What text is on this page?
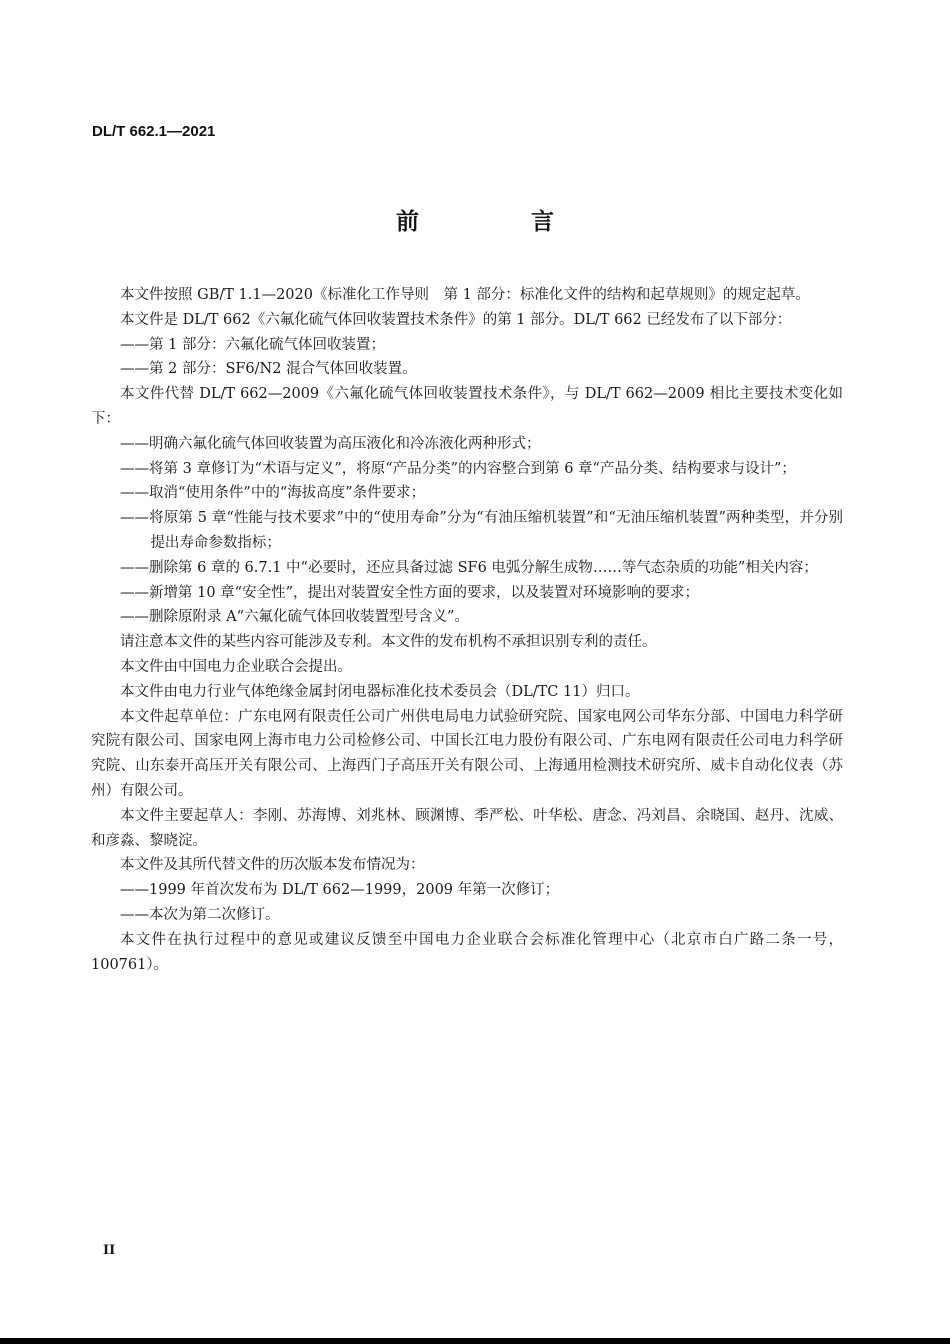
DL/T 662.1—2021
前 言

本文件按照 GB/T 1.1—2020《标准化工作导则　第 1 部分：标准化文件的结构和起草规则》的规定起草。

本文件是 DL/T 662《六氟化硫气体回收装置技术条件》的第 1 部分。DL/T 662 已经发布了以下部分：

——第 1 部分：六氟化硫气体回收装置；

——第 2 部分：SF6/N2 混合气体回收装置。

本文件代替 DL/T 662—2009《六氟化硫气体回收装置技术条件》，与 DL/T 662—2009 相比主要技术变化如下：

——明确六氟化硫气体回收装置为高压液化和冷冻液化两种形式；

——将第 3 章修订为“术语与定义”，将原“产品分类”的内容整合到第 6 章“产品分类、结构要求与设计”；

——取消“使用条件”中的“海拔高度”条件要求；

——将原第 5 章“性能与技术要求”中的“使用寿命”分为“有油压缩机装置”和“无油压缩机装置”两种类型，并分别提出寿命参数指标；

——删除第 6 章的 6.7.1 中“必要时，还应具备过滤 SF6 电弧分解生成物……等气态杂质的功能”相关内容；

——新增第 10 章“安全性”，提出对装置安全性方面的要求，以及装置对环境影响的要求；

——删除原附录 A“六氟化硫气体回收装置型号含义”。

请注意本文件的某些内容可能涉及专利。本文件的发布机构不承担识别专利的责任。

本文件由中国电力企业联合会提出。

本文件由电力行业气体绝缘金属封闭电器标准化技术委员会（DL/TC 11）归口。

本文件起草单位：广东电网有限责任公司广州供电局电力试验研究院、国家电网公司华东分部、中国电力科学研究院有限公司、国家电网上海市电力公司检修公司、中国长江电力股份有限公司、广东电网有限责任公司电力科学研究院、山东泰开高压开关有限公司、上海西门子高压开关有限公司、上海通用检测技术研究所、威卡自动化仪表（苏州）有限公司。

本文件主要起草人：李刚、苏海博、刘兆林、顾渊博、季严松、叶华松、唐念、冯刘昌、余晓国、赵丹、沈威、和彦淼、黎晓淀。

本文件及其所代替文件的历次版本发布情况为：

——1999 年首次发布为 DL/T 662—1999，2009 年第一次修订；

——本次为第二次修订。

本文件在执行过程中的意见或建议反馈至中国电力企业联合会标准化管理中心（北京市白广路二条一号，100761）。

II
